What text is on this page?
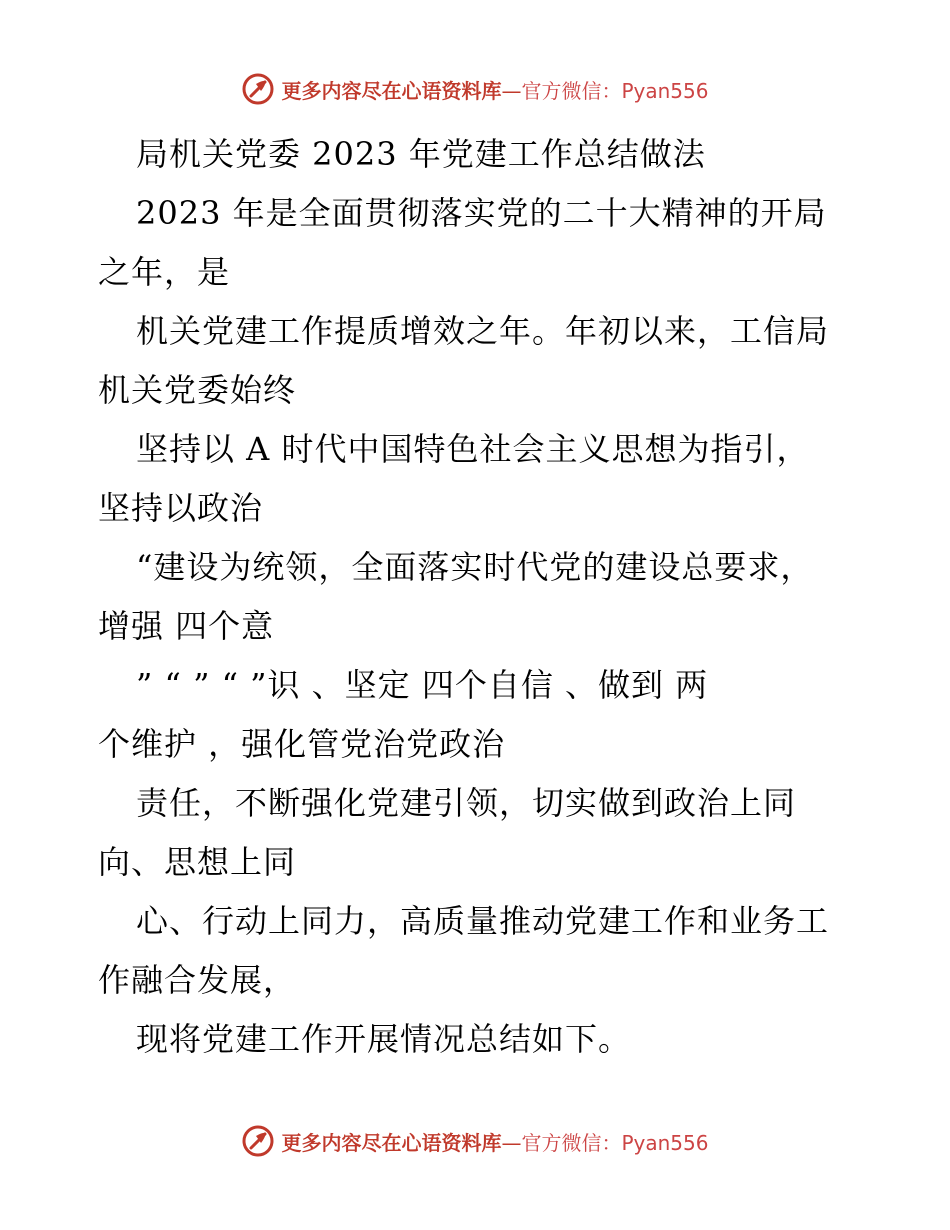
更多内容尽在心语资料库—官方微信：Pyan556
局机关党委 2023 年党建工作总结做法
2023 年是全面贯彻落实党的二十大精神的开局
之年，是
机关党建工作提质增效之年。年初以来，工信局
机关党委始终
坚持以 A 时代中国特色社会主义思想为指引，
坚持以政治
“建设为统领，全面落实时代党的建设总要求，
增强 四个意
” “ ” “ ”识 、坚定 四个自信 、做到 两
个维护 ，强化管党治党政治
责任，不断强化党建引领，切实做到政治上同
向、思想上同
心、行动上同力，高质量推动党建工作和业务工
作融合发展，
现将党建工作开展情况总结如下。
更多内容尽在心语资料库—官方微信：Pyan556
